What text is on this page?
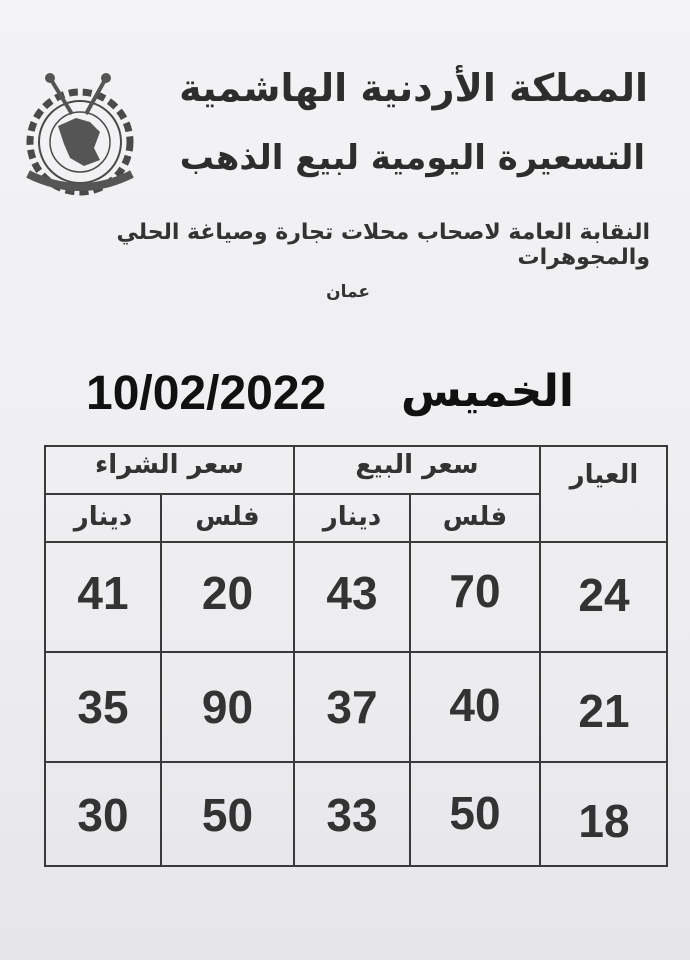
المملكة الأردنية الهاشمية
التسعيرة اليومية لبيع الذهب
النقابة العامة لاصحاب محلات تجارة وصياغة الحلي والمجوهرات
عمان
10/02/2022 الخميس
العيار
سعر البيع
سعر الشراء
فلس
دينار
فلس
دينار
24
70
43
20
41
21
40
37
90
35
18
50
33
50
30
